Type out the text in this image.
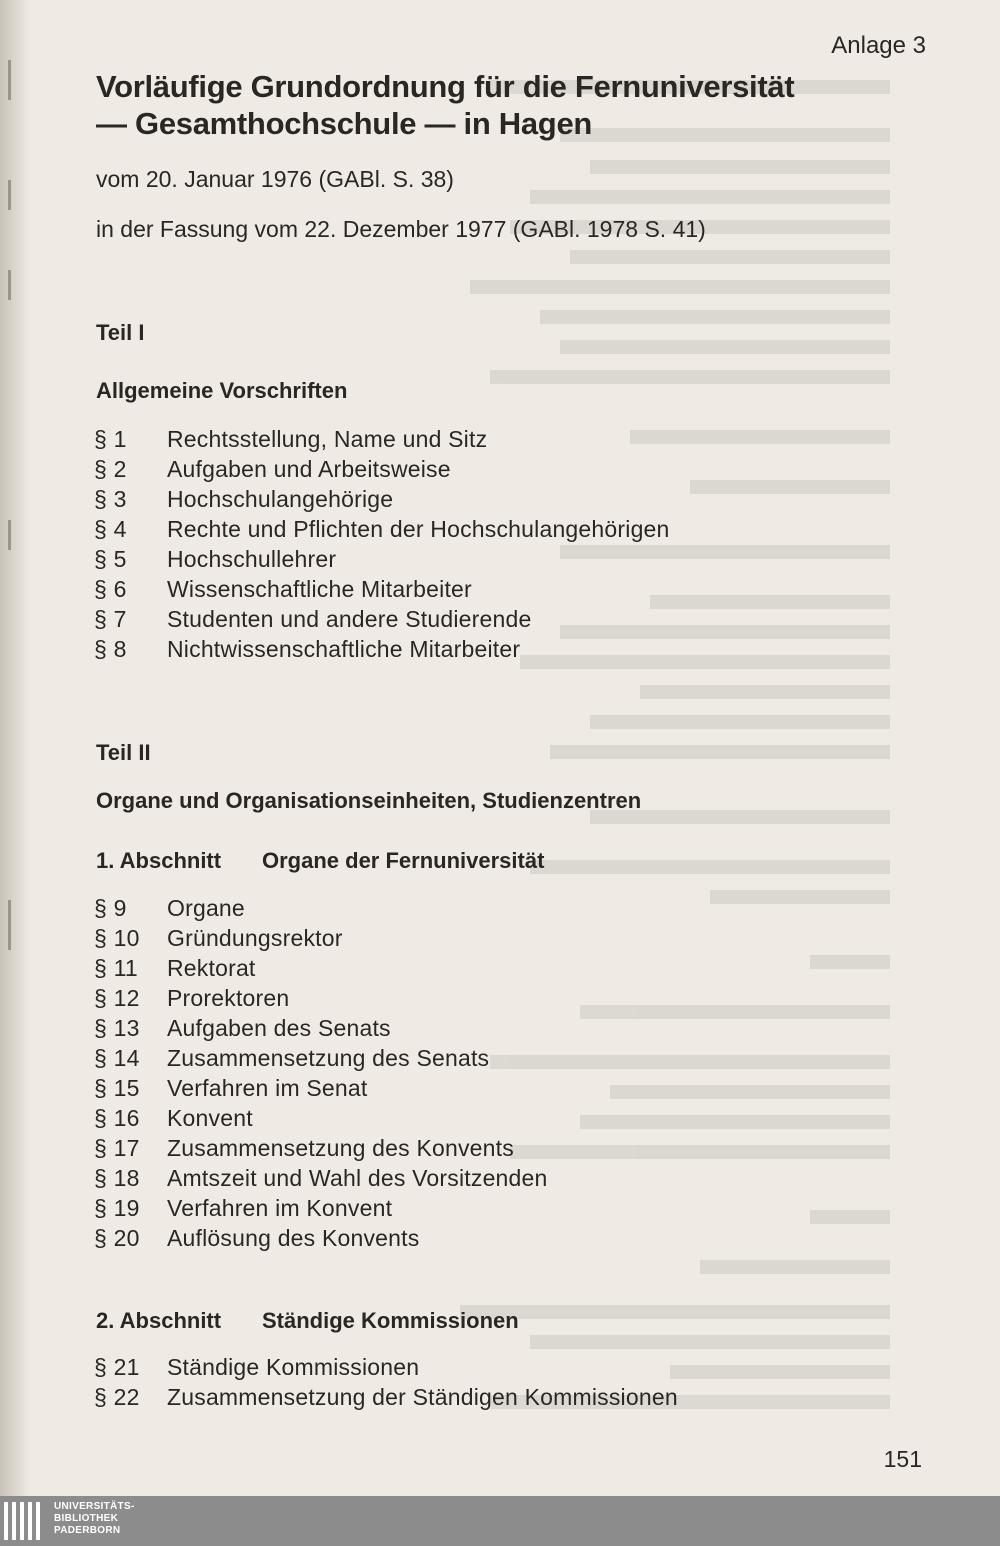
Anlage 3
Vorläufige Grundordnung für die Fernuniversität
— Gesamthochschule — in Hagen
vom 20. Januar 1976 (GABl. S. 38)
in der Fassung vom 22. Dezember 1977 (GABl. 1978 S. 41)
Teil I
Allgemeine Vorschriften
§ 1 Rechtsstellung, Name und Sitz
§ 2 Aufgaben und Arbeitsweise
§ 3 Hochschulangehörige
§ 4 Rechte und Pflichten der Hochschulangehörigen
§ 5 Hochschullehrer
§ 6 Wissenschaftliche Mitarbeiter
§ 7 Studenten und andere Studierende
§ 8 Nichtwissenschaftliche Mitarbeiter
Teil II
Organe und Organisationseinheiten, Studienzentren
1. Abschnitt Organe der Fernuniversität
§ 9 Organe
§ 10 Gründungsrektor
§ 11 Rektorat
§ 12 Prorektoren
§ 13 Aufgaben des Senats
§ 14 Zusammensetzung des Senats
§ 15 Verfahren im Senat
§ 16 Konvent
§ 17 Zusammensetzung des Konvents
§ 18 Amtszeit und Wahl des Vorsitzenden
§ 19 Verfahren im Konvent
§ 20 Auflösung des Konvents
2. Abschnitt Ständige Kommissionen
§ 21 Ständige Kommissionen
§ 22 Zusammensetzung der Ständigen Kommissionen
151
UNIVERSITÄTS-
BIBLIOTHEK
PADERBORN
